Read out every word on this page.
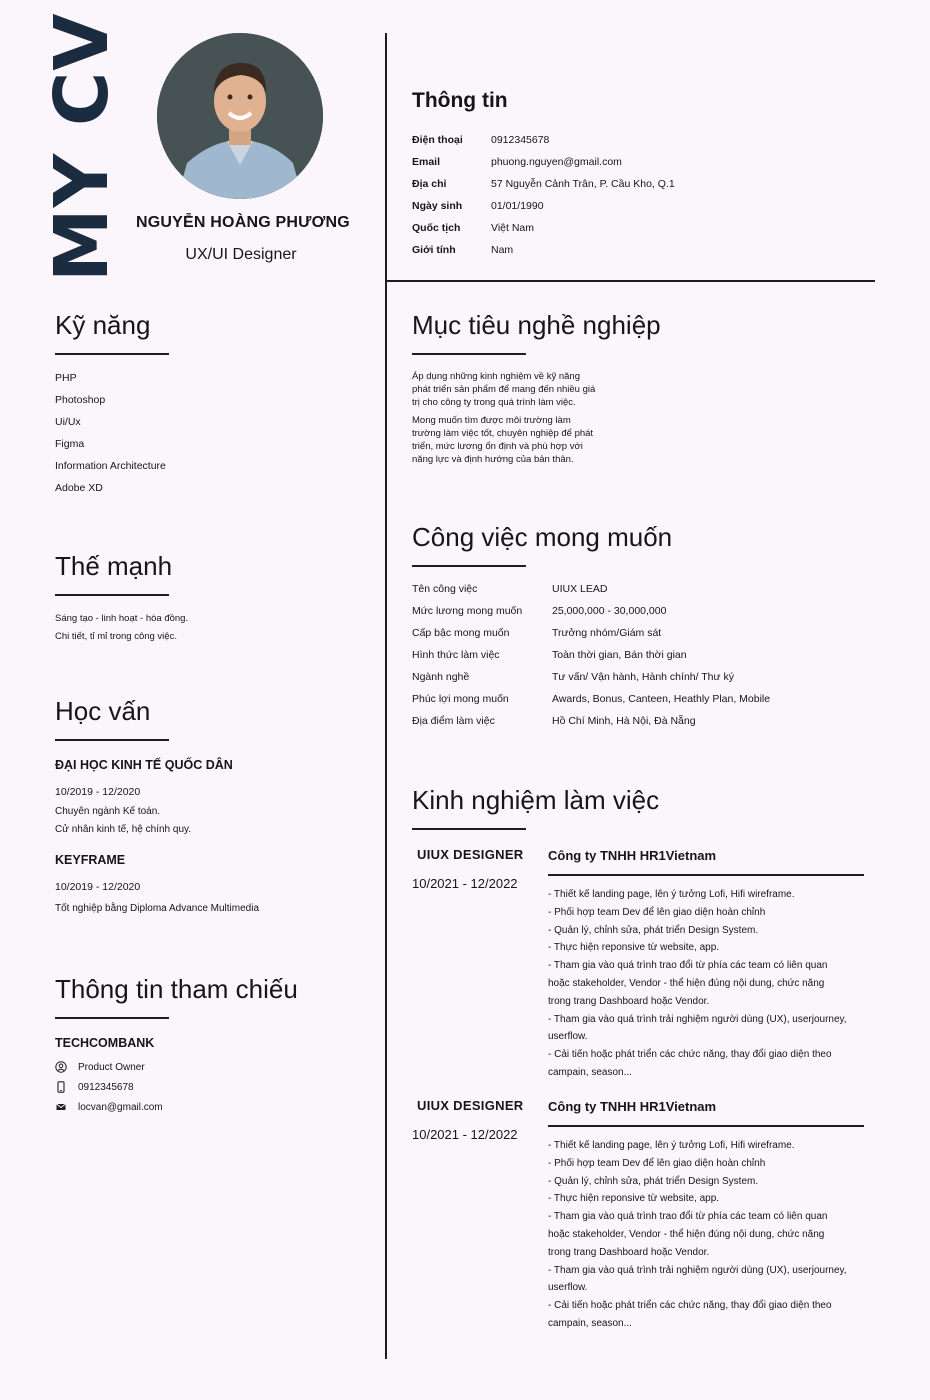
MY CV NGUYỄN HOÀNG PHƯƠNG
UX/UI Designer
Thông tin
Điện thoại	0912345678
Email	phuong.nguyen@gmail.com
Địa chỉ	57 Nguyễn Cảnh Trân, P. Cầu Kho, Q.1
Ngày sinh	01/01/1990
Quốc tịch	Việt Nam
Giới tính	Nam
Kỹ năng
PHP
Photoshop
Ui/Ux
Figma
Information Architecture
Adobe XD
Thế mạnh
Sáng tạo - linh hoạt - hòa đồng.
Chi tiết, tỉ mỉ trong công việc.
Học vấn
ĐẠI HỌC KINH TẾ QUỐC DÂN
10/2019 - 12/2020
Chuyên ngành Kế toán.
Cử nhân kinh tế, hệ chính quy.
KEYFRAME
10/2019 - 12/2020
Tốt nghiệp bằng Diploma Advance Multimedia
Thông tin tham chiếu
TECHCOMBANK
Product Owner
0912345678
locvan@gmail.com
Mục tiêu nghề nghiệp
Áp dụng những kinh nghiệm về kỹ năng
phát triển sản phẩm để mang đến nhiều giá
trị cho công ty trong quá trình làm việc.
Mong muốn tìm được môi trường làm
trường làm việc tốt, chuyên nghiệp để phát
triển, mức lương ổn định và phù hợp với
năng lực và định hướng của bản thân.
Công việc mong muốn
Tên công việc	UIUX LEAD
Mức lương mong muốn	25,000,000 - 30,000,000
Cấp bậc mong muốn	Trưởng nhóm/Giám sát
Hình thức làm việc	Toàn thời gian, Bán thời gian
Ngành nghề	Tư vấn/ Vận hành, Hành chính/ Thư ký
Phúc lợi mong muốn	Awards, Bonus, Canteen, Heathly Plan, Mobile
Địa điểm làm việc	Hồ Chí Minh, Hà Nội, Đà Nẵng
Kinh nghiệm làm việc
UIUX DESIGNER
10/2021 - 12/2022
Công ty TNHH HR1Vietnam
- Thiết kế landing page, lên ý tưởng Lofi, Hifi wireframe.
- Phối hợp team Dev để lên giao diện hoàn chỉnh
- Quản lý, chỉnh sửa, phát triển Design System.
- Thực hiện reponsive từ website, app.
- Tham gia vào quá trình trao đổi từ phía các team có liên quan
hoặc stakeholder, Vendor - thể hiện đúng nội dung, chức năng
trong trang Dashboard hoặc Vendor.
- Tham gia vào quá trình trải nghiệm người dùng (UX), userjourney,
userflow.
- Cải tiến hoặc phát triển các chức năng, thay đổi giao diện theo
campain, season...
UIUX DESIGNER
10/2021 - 12/2022
Công ty TNHH HR1Vietnam
- Thiết kế landing page, lên ý tưởng Lofi, Hifi wireframe.
- Phối hợp team Dev để lên giao diện hoàn chỉnh
- Quản lý, chỉnh sửa, phát triển Design System.
- Thực hiện reponsive từ website, app.
- Tham gia vào quá trình trao đổi từ phía các team có liên quan
hoặc stakeholder, Vendor - thể hiện đúng nội dung, chức năng
trong trang Dashboard hoặc Vendor.
- Tham gia vào quá trình trải nghiệm người dùng (UX), userjourney,
userflow.
- Cải tiến hoặc phát triển các chức năng, thay đổi giao diện theo
campain, season...
